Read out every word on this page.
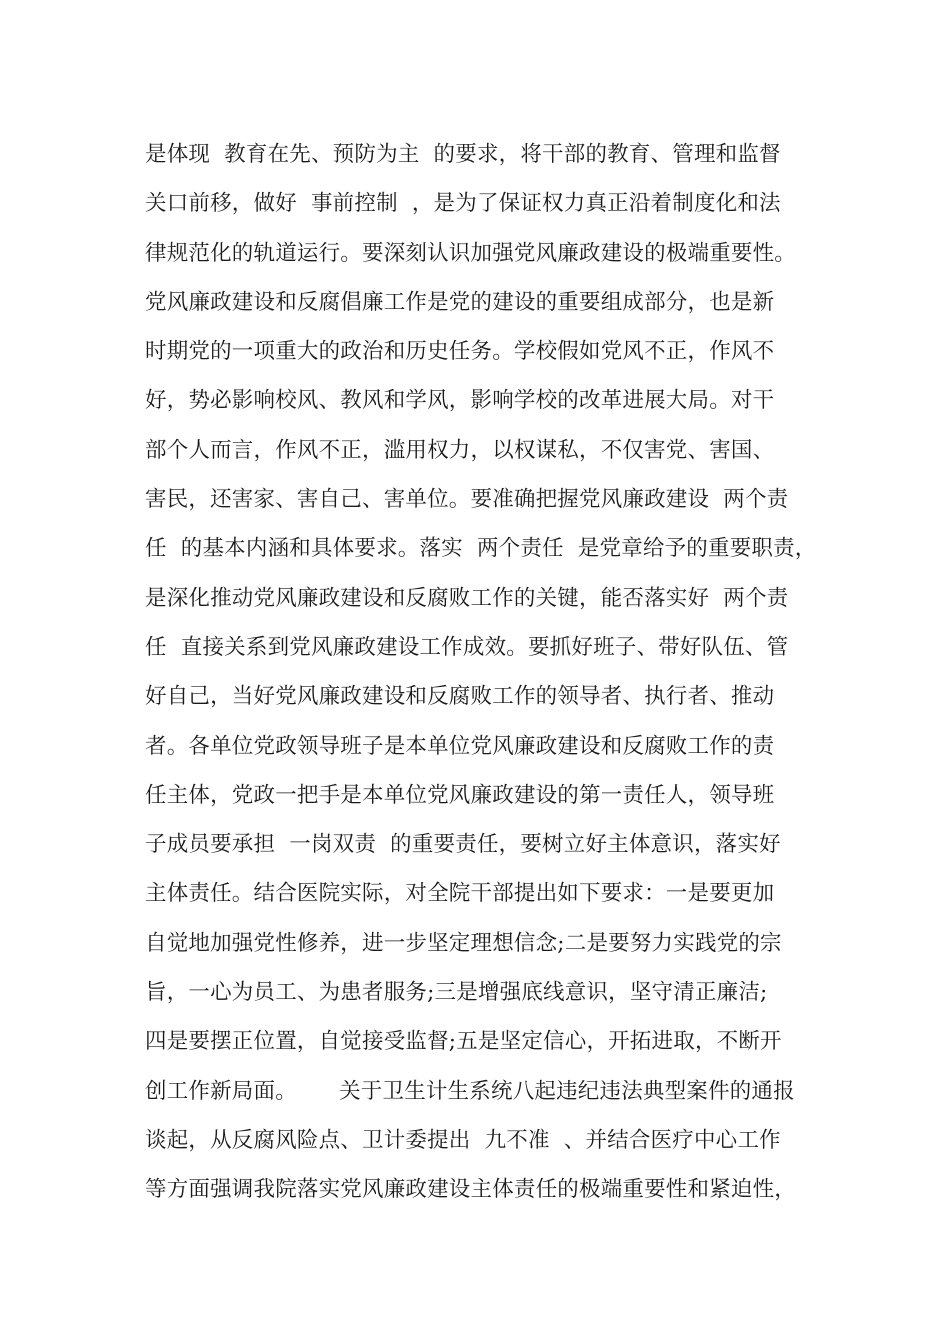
是体现  教育在先、预防为主  的要求，将干部的教育、管理和监督
关口前移，做好  事前控制  ，是为了保证权力真正沿着制度化和法
律规范化的轨道运行。要深刻认识加强党风廉政建设的极端重要性。
党风廉政建设和反腐倡廉工作是党的建设的重要组成部分，也是新
时期党的一项重大的政治和历史任务。学校假如党风不正，作风不
好，势必影响校风、教风和学风，影响学校的改革进展大局。对干
部个人而言，作风不正，滥用权力，以权谋私，不仅害党、害国、
害民，还害家、害自己、害单位。要准确把握党风廉政建设  两个责
任  的基本内涵和具体要求。落实  两个责任  是党章给予的重要职责，
是深化推动党风廉政建设和反腐败工作的关键，能否落实好  两个责
任  直接关系到党风廉政建设工作成效。要抓好班子、带好队伍、管
好自己，当好党风廉政建设和反腐败工作的领导者、执行者、推动
者。各单位党政领导班子是本单位党风廉政建设和反腐败工作的责
任主体，党政一把手是本单位党风廉政建设的第一责任人，领导班
子成员要承担  一岗双责  的重要责任，要树立好主体意识，落实好
主体责任。结合医院实际，对全院干部提出如下要求：一是要更加
自觉地加强党性修养，进一步坚定理想信念;二是要努力实践党的宗
旨，一心为员工、为患者服务;三是增强底线意识，坚守清正廉洁;
四是要摆正位置，自觉接受监督;五是坚定信心，开拓进取，不断开
创工作新局面。      关于卫生计生系统八起违纪违法典型案件的通报
谈起，从反腐风险点、卫计委提出  九不准  、并结合医疗中心工作
等方面强调我院落实党风廉政建设主体责任的极端重要性和紧迫性，
